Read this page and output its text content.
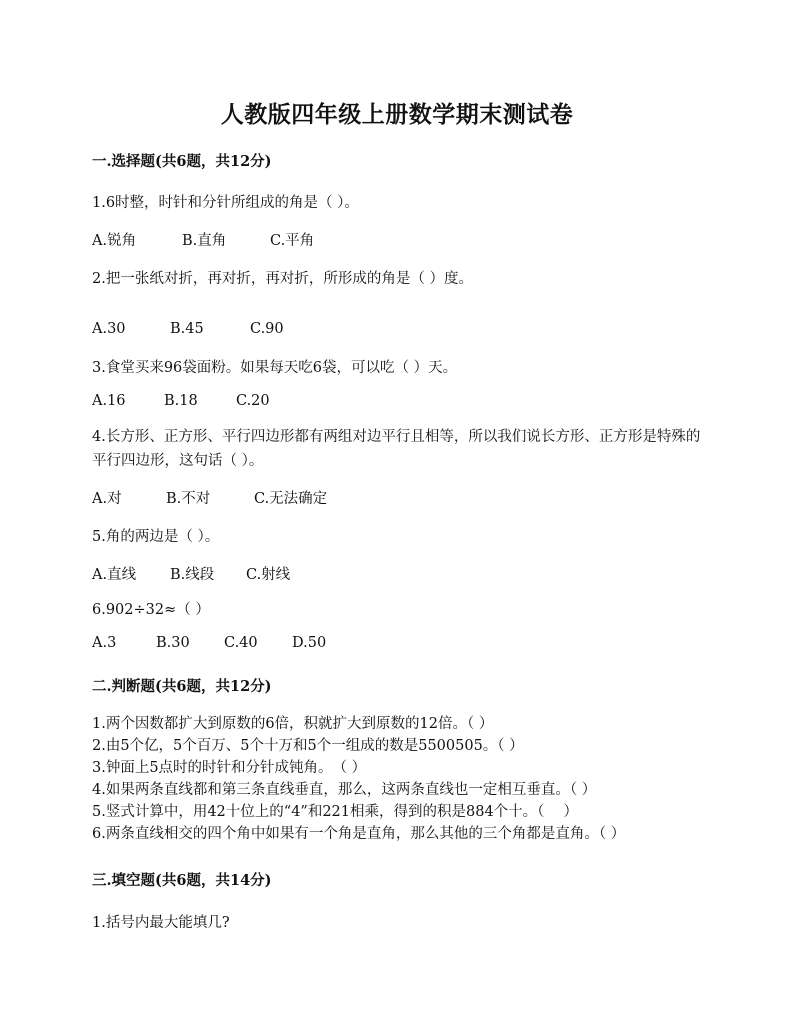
人教版四年级上册数学期末测试卷
一.选择题(共6题，共12分)
1.6时整，时针和分针所组成的角是（ ）。
A.锐角	B.直角	C.平角
2.把一张纸对折，再对折，再对折，所形成的角是（ ）度。
A.30	B.45	C.90
3.食堂买来96袋面粉。如果每天吃6袋，可以吃（ ）天。
A.16	B.18	C.20
4.长方形、正方形、平行四边形都有两组对边平行且相等，所以我们说长方形、正方形是特殊的平行四边形，这句话（ ）。
A.对	B.不对	C.无法确定
5.角的两边是（ ）。
A.直线 B.线段 C.射线
6.902÷32≈（ ）
A.3	B.30 C.40 D.50
二.判断题(共6题，共12分)
1.两个因数都扩大到原数的6倍，积就扩大到原数的12倍。（ ）
2.由5个亿，5个百万、5个十万和5个一组成的数是5500505。（ ）
3.钟面上5点时的时针和分针成钝角。　（ ）
4.如果两条直线都和第三条直线垂直，那么，这两条直线也一定相互垂直。（ ）
5.竖式计算中，用42十位上的“4”和221相乘，得到的积是884个十。（　 ）
6.两条直线相交的四个角中如果有一个角是直角，那么其他的三个角都是直角。（ ）
三.填空题(共6题，共14分)
1.括号内最大能填几?
